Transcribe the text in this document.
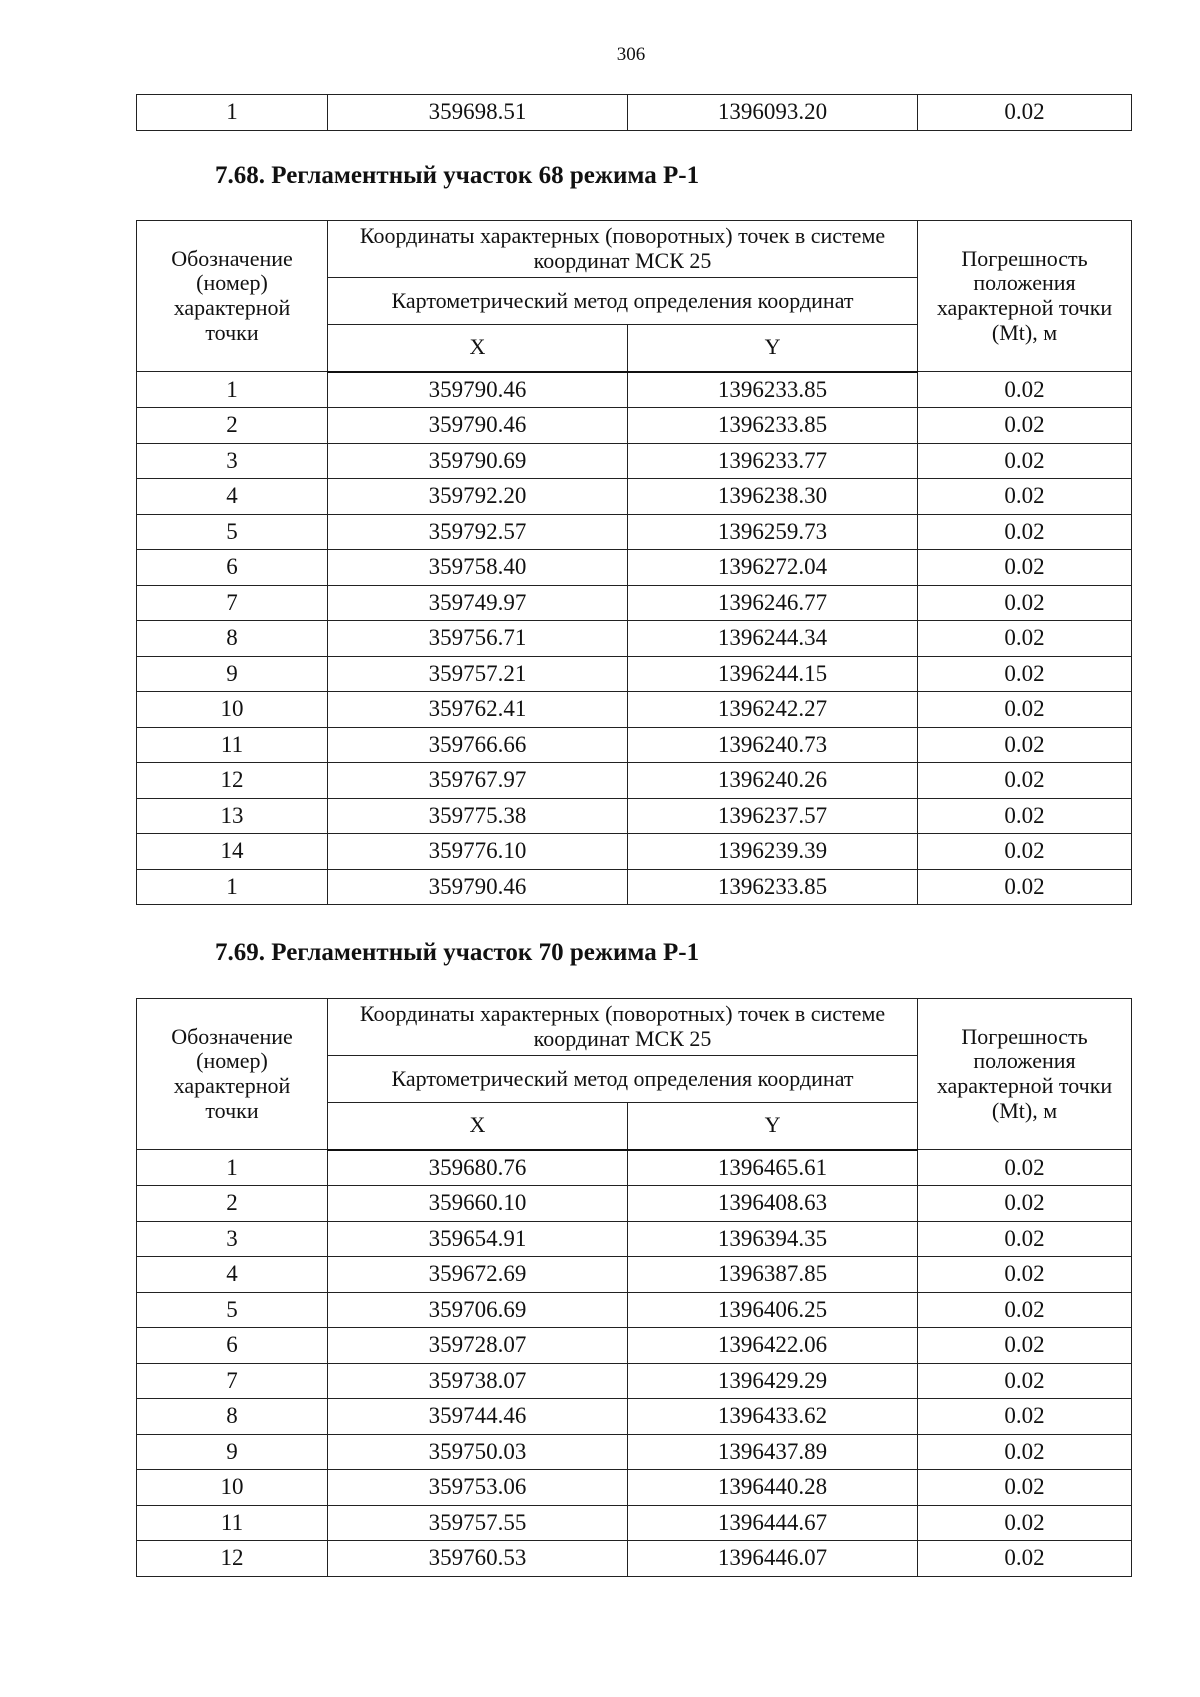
306
1	359698.51	1396093.20	0.02
7.68. Регламентный участок 68 режима Р-1
Обозначение (номер) характерной точки	Координаты характерных (поворотных) точек в системе координат МСК 25		Погрешность положения характерной точки (Mt), м
	Картометрический метод определения координат		
	X	Y	
1	359790.46	1396233.85	0.02
2	359790.46	1396233.85	0.02
3	359790.69	1396233.77	0.02
4	359792.20	1396238.30	0.02
5	359792.57	1396259.73	0.02
6	359758.40	1396272.04	0.02
7	359749.97	1396246.77	0.02
8	359756.71	1396244.34	0.02
9	359757.21	1396244.15	0.02
10	359762.41	1396242.27	0.02
11	359766.66	1396240.73	0.02
12	359767.97	1396240.26	0.02
13	359775.38	1396237.57	0.02
14	359776.10	1396239.39	0.02
1	359790.46	1396233.85	0.02
7.69. Регламентный участок 70 режима Р-1
Обозначение (номер) характерной точки	Координаты характерных (поворотных) точек в системе координат МСК 25		Погрешность положения характерной точки (Mt), м
	Картометрический метод определения координат		
	X	Y	
1	359680.76	1396465.61	0.02
2	359660.10	1396408.63	0.02
3	359654.91	1396394.35	0.02
4	359672.69	1396387.85	0.02
5	359706.69	1396406.25	0.02
6	359728.07	1396422.06	0.02
7	359738.07	1396429.29	0.02
8	359744.46	1396433.62	0.02
9	359750.03	1396437.89	0.02
10	359753.06	1396440.28	0.02
11	359757.55	1396444.67	0.02
12	359760.53	1396446.07	0.02
